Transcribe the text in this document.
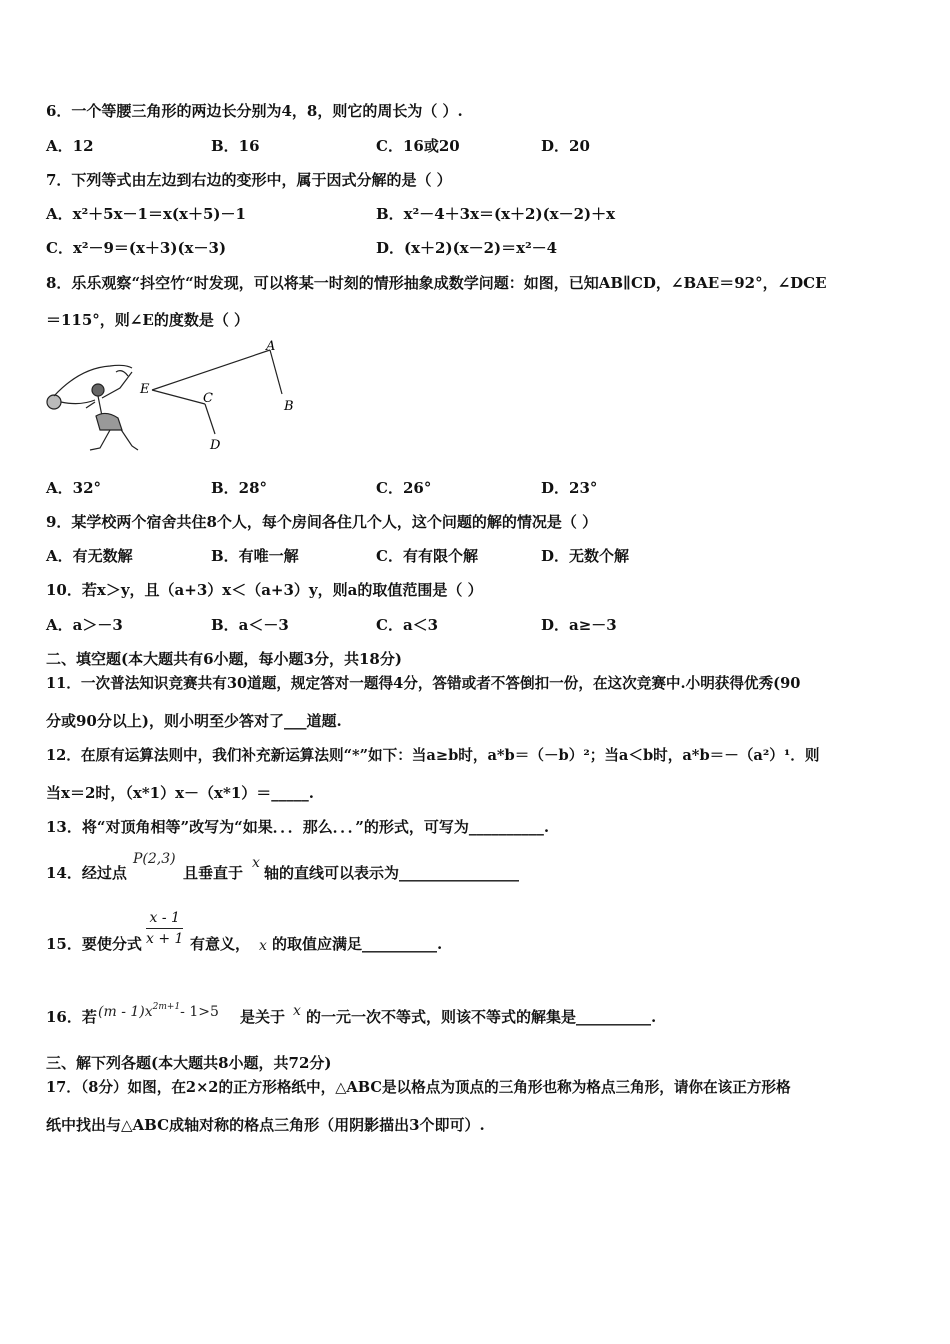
6．一个等腰三角形的两边长分别为4，8，则它的周长为（ ）.
A．12	B．16	C．16或20	D．20
7．下列等式由左边到右边的变形中，属于因式分解的是（ ）
A．x²＋5x－1＝x(x＋5)－1	B．x²－4＋3x＝(x＋2)(x－2)＋x
C．x²－9＝(x＋3)(x－3)	D．(x＋2)(x－2)＝x²－4
8．乐乐观察“抖空竹“时发现，可以将某一时刻的情形抽象成数学问题：如图，已知AB∥CD，∠BAE＝92°，∠DCE
＝115°，则∠E的度数是（ ）
A
B
C
D
E
A．32°	B．28°	C．26°	D．23°
9．某学校两个宿舍共住8个人，每个房间各住几个人，这个问题的解的情况是（ ）
A．有无数解	B．有唯一解	C．有有限个解	D．无数个解
10．若x＞y，且（a+3）x＜（a+3）y，则a的取值范围是（ ）
A．a＞－3	B．a＜－3	C．a＜3	D．a≥－3
二、填空题(本大题共有6小题，每小题3分，共18分)
11．一次普法知识竞赛共有30道题，规定答对一题得4分，答错或者不答倒扣一份，在这次竞赛中.小明获得优秀(90
分或90分以上)，则小明至少答对了___道题.
12．在原有运算法则中，我们补充新运算法则“*”如下：当a≥b时，a*b＝（－b）²；当a＜b时，a*b＝－（a²）¹．则
当x＝2时，（x*1）x－（x*1）＝_____.
13．将“对顶角相等”改写为“如果．．．那么．．．”的形式，可写为__________.
14．经过点
P(2,3)
且垂直于
x
轴的直线可以表示为________________
15．要使分式 $\frac{x - 1}{x + 1}$ 有意义， x 的取值应满足__________.
16．若 $(m - 1)x^{2m+1}-$ 1>5 是关于 x 的一元一次不等式，则该不等式的解集是__________.
三、解下列各题(本大题共8小题，共72分)
17．（8分）如图，在2×2的正方形格纸中，△ABC是以格点为顶点的三角形也称为格点三角形，请你在该正方形格
纸中找出与△ABC成轴对称的格点三角形（用阴影描出3个即可）.
